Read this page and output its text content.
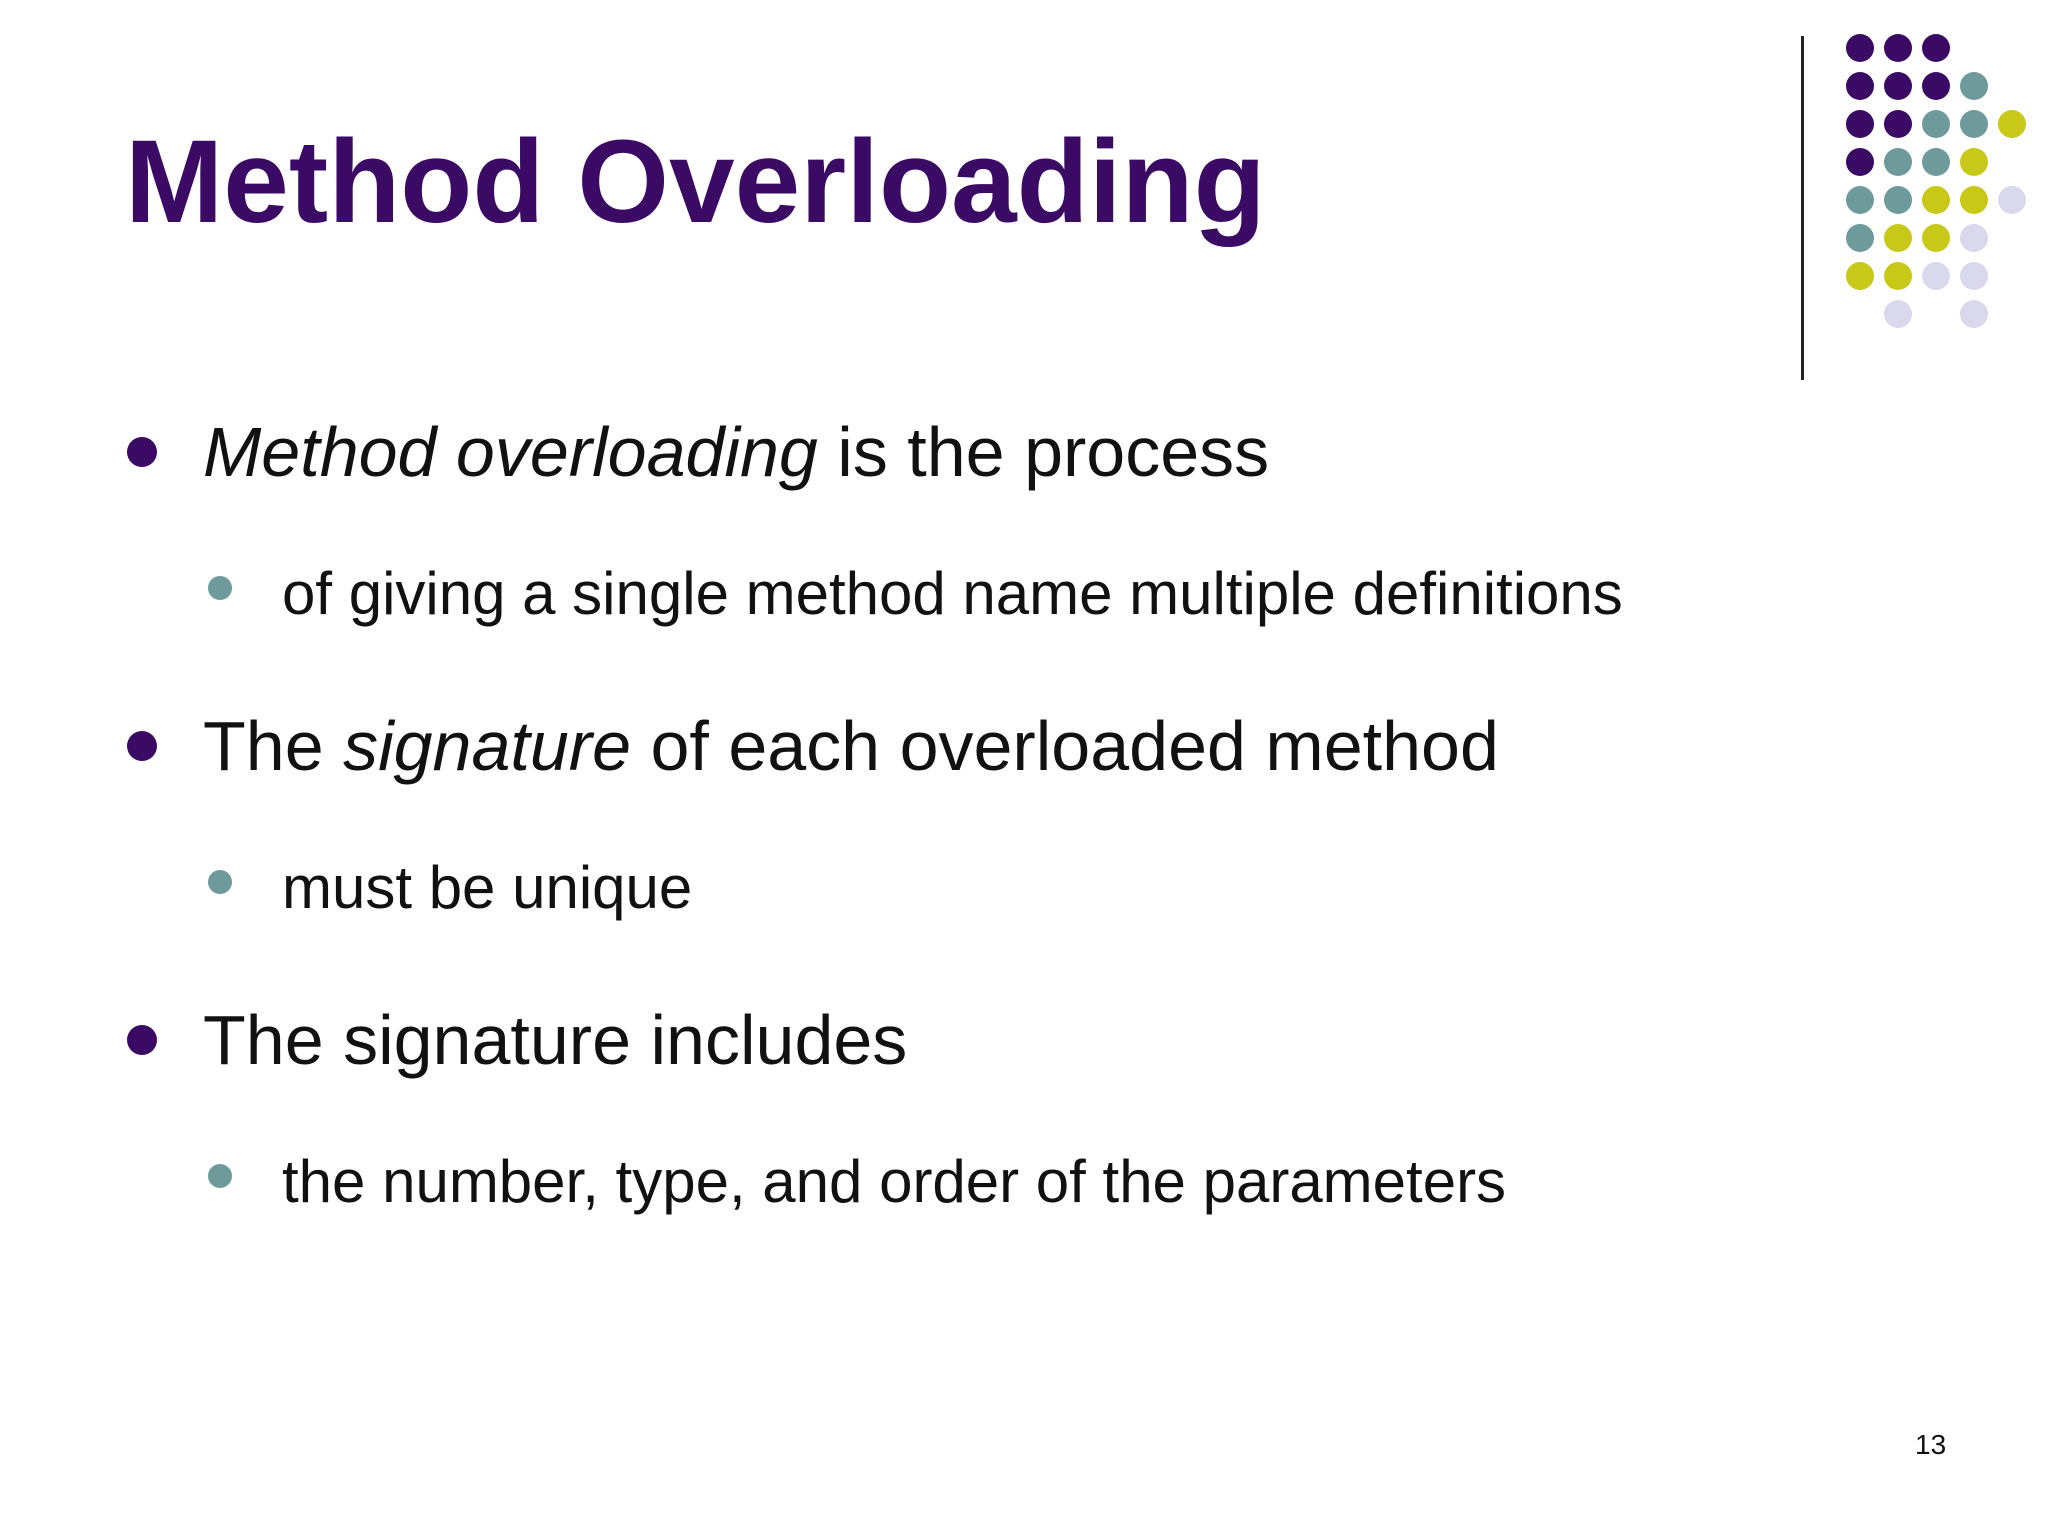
Method Overloading
Method overloading is the process
of giving a single method name multiple definitions
The signature of each overloaded method
must be unique
The signature includes
the number, type, and order of the parameters
13
